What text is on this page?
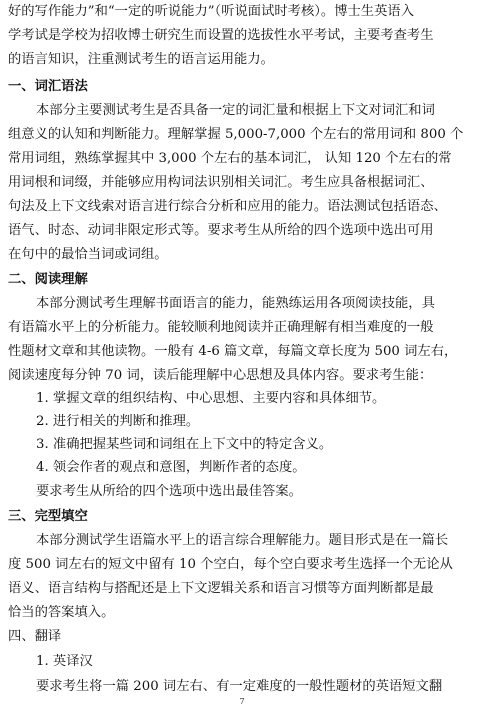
好的写作能力”和“一定的听说能力”（听说面试时考核）。博士生英语入
学考试是学校为招收博士研究生而设置的选拔性水平考试，主要考查考生
的语言知识，注重测试考生的语言运用能力。
一、词汇语法
本部分主要测试考生是否具备一定的词汇量和根据上下文对词汇和词
组意义的认知和判断能力。理解掌握 5,000-7,000 个左右的常用词和 800 个
常用词组，熟练掌握其中 3,000 个左右的基本词汇， 认知 120 个左右的常
用词根和词缀，并能够应用构词法识别相关词汇。考生应具备根据词汇、
句法及上下文线索对语言进行综合分析和应用的能力。语法测试包括语态、
语气、时态、动词非限定形式等。要求考生从所给的四个选项中选出可用
在句中的最恰当词或词组。
二、阅读理解
本部分测试考生理解书面语言的能力，能熟练运用各项阅读技能，具
有语篇水平上的分析能力。能较顺利地阅读并正确理解有相当难度的一般
性题材文章和其他读物。一般有 4-6 篇文章，每篇文章长度为 500 词左右，
阅读速度每分钟 70 词，读后能理解中心思想及具体内容。要求考生能：
1. 掌握文章的组织结构、中心思想、主要内容和具体细节。
2. 进行相关的判断和推理。
3. 准确把握某些词和词组在上下文中的特定含义。
4. 领会作者的观点和意图，判断作者的态度。
要求考生从所给的四个选项中选出最佳答案。
三、完型填空
本部分测试学生语篇水平上的语言综合理解能力。题目形式是在一篇长
度 500 词左右的短文中留有 10 个空白，每个空白要求考生选择一个无论从
语义、语言结构与搭配还是上下文逻辑关系和语言习惯等方面判断都是最
恰当的答案填入。
四、翻译
1. 英译汉
要求考生将一篇 200 词左右、有一定难度的一般性题材的英语短文翻
7
